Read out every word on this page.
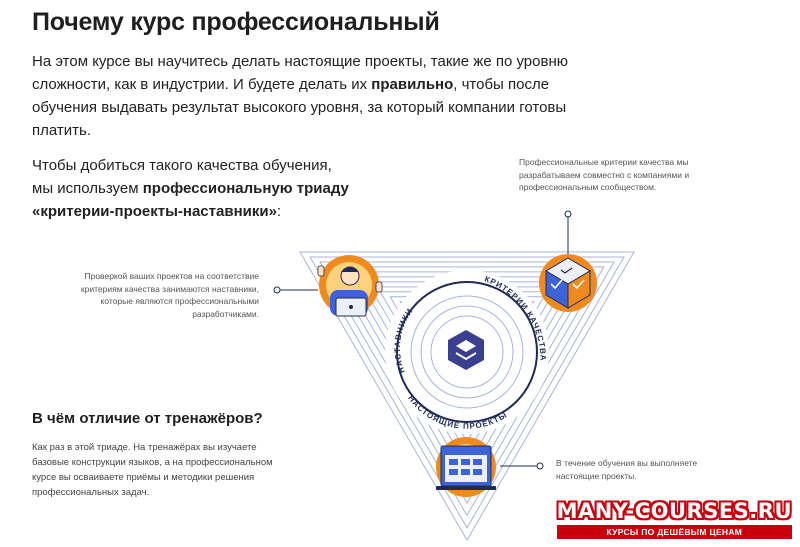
НАСТАВНИКИ
КРИТЕРИИ КАЧЕСТВА
НАСТОЯЩИЕ ПРОЕКТЫ
Почему курс профессиональный
На этом курсе вы научитесь делать настоящие проекты, такие же по уровню сложности, как в индустрии. И будете делать их правильно, чтобы после обучения выдавать результат высокого уровня, за который компании готовы платить.
Чтобы добиться такого качества обучения,
мы используем профессиональную триаду
«критерии-проекты-наставники»:
Профессиональные критерии качества мы разрабатываем совместно с компаниями и профессиональным сообществом.
Проверкой ваших проектов на соответствие критериям качества занимаются наставники, которые являются профессиональными разработчиками.
В течение обучения вы выполняете настоящие проекты.
В чём отличие от тренажёров?
Как раз в этой триаде. На тренажёрах вы изучаете базовые конструкции языков, а на профессиональном курсе вы осваиваете приёмы и методики решения профессиональных задач.
MANY-COURSES.RU
КУРСЫ ПО ДЕШЁВЫМ ЦЕНАМ
